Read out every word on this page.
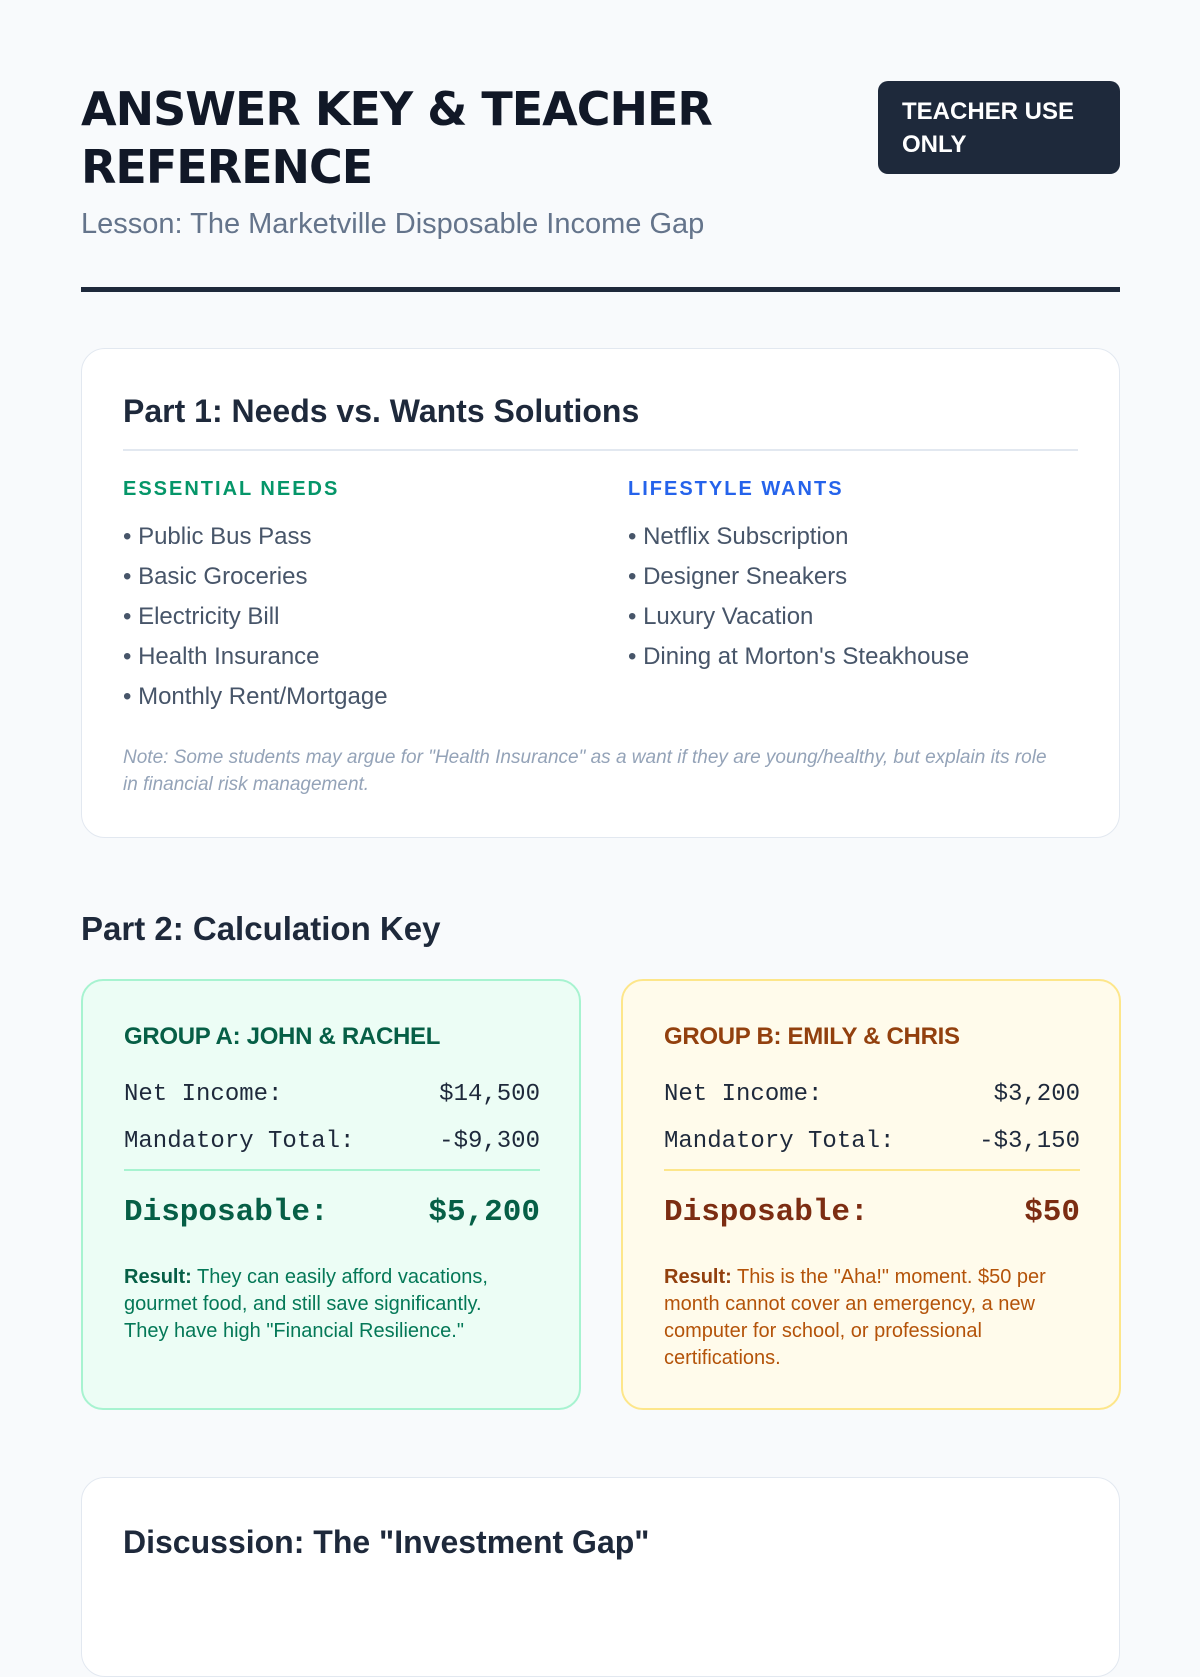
ANSWER KEY & TEACHER REFERENCE
Lesson: The Marketville Disposable Income Gap
TEACHER USE ONLY
Part 1: Needs vs. Wants Solutions
ESSENTIAL NEEDS
• Public Bus Pass
• Basic Groceries
• Electricity Bill
• Health Insurance
• Monthly Rent/Mortgage
LIFESTYLE WANTS
• Netflix Subscription
• Designer Sneakers
• Luxury Vacation
• Dining at Morton's Steakhouse

Note: Some students may argue for "Health Insurance" as a want if they are young/healthy, but explain its role in financial risk management.

Part 2: Calculation Key
GROUP A: JOHN & RACHEL
Net Income:	$14,500
Mandatory Total:	-$9,300
Disposable:	$5,200

Result: They can easily afford vacations, gourmet food, and still save significantly. They have high "Financial Resilience."

GROUP B: EMILY & CHRIS
Net Income:	$3,200
Mandatory Total:	-$3,150
Disposable:	$50

Result: This is the "Aha!" moment. $50 per month cannot cover an emergency, a new computer for school, or professional certifications.

Discussion: The "Investment Gap"
